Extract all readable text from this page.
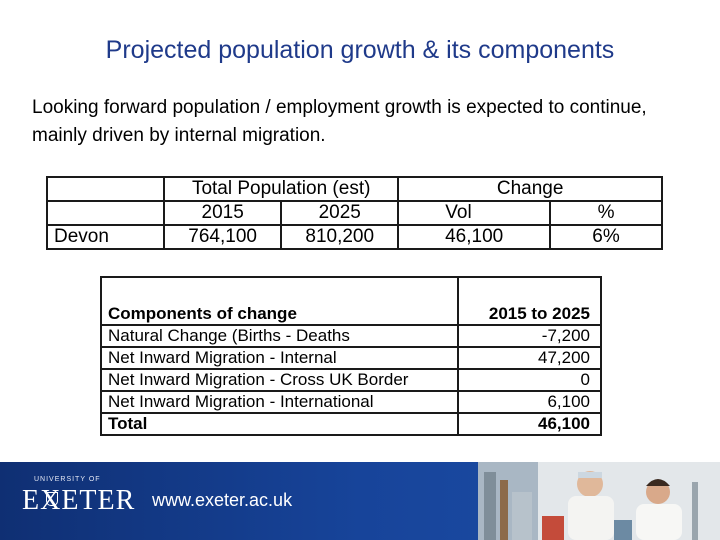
Projected population growth & its components

Looking forward population / employment growth is expected to continue, mainly driven by internal migration.

	Total Population (est)		Change	
	2015	2025	Vol	%
Devon	764,100	810,200	46,100	6%

Components of change	2015 to 2025
Natural Change (Births - Deaths	-7,200
Net Inward Migration - Internal	47,200
Net Inward Migration - Cross UK Border	0
Net Inward Migration - International	6,100
Total	46,100
UNIVERSITY OF
EXETER www.exeter.ac.uk
